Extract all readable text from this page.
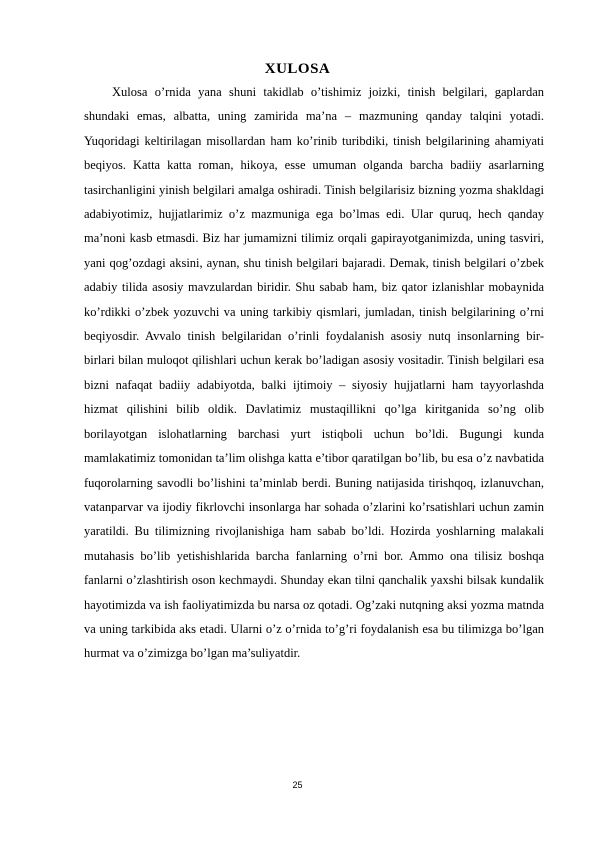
XULOSA

Xulosa o’rnida yana shuni takidlab o’tishimiz joizki, tinish belgilari, gaplardan shundaki emas, albatta, uning zamirida ma’na – mazmuning qanday talqini yotadi. Yuqoridagi keltirilagan misollardan ham ko’rinib turibdiki, tinish belgilarining ahamiyati beqiyos. Katta katta roman, hikoya, esse umuman olganda barcha badiiy asarlarning tasirchanligini yinish belgilari amalga oshiradi. Tinish belgilarisiz bizning yozma shakldagi adabiyotimiz, hujjatlarimiz o’z mazmuniga ega bo’lmas edi. Ular quruq, hech qanday ma’noni kasb etmasdi. Biz har jumamizni tilimiz orqali gapirayotganimizda, uning tasviri, yani qog’ozdagi aksini, aynan, shu tinish belgilari bajaradi. Demak, tinish belgilari o’zbek adabiy tilida asosiy mavzulardan biridir. Shu sabab ham, biz qator izlanishlar mobaynida ko’rdikki o’zbek yozuvchi va uning tarkibiy qismlari, jumladan, tinish belgilarining o’rni beqiyosdir. Avvalo tinish belgilaridan o’rinli foydalanish asosiy nutq insonlarning bir- birlari bilan muloqot qilishlari uchun kerak bo’ladigan asosiy vositadir. Tinish belgilari esa bizni nafaqat badiiy adabiyotda, balki ijtimoiy – siyosiy hujjatlarni ham tayyorlashda hizmat qilishini bilib oldik. Davlatimiz mustaqillikni qo’lga kiritganida so’ng olib borilayotgan islohatlarning barchasi yurt istiqboli uchun bo’ldi. Bugungi kunda mamlakatimiz tomonidan ta’lim olishga katta e’tibor qaratilgan bo’lib, bu esa o’z navbatida fuqorolarning savodli bo’lishini ta’minlab berdi. Buning natijasida tirishqoq, izlanuvchan, vatanparvar va ijodiy fikrlovchi insonlarga har sohada o’zlarini ko’rsatishlari uchun zamin yaratildi. Bu tilimizning rivojlanishiga ham sabab bo’ldi. Hozirda yoshlarning malakali mutahasis bo’lib yetishishlarida barcha fanlarning o’rni bor. Ammo ona tilisiz boshqa fanlarni o’zlashtirish oson kechmaydi. Shunday ekan tilni qanchalik yaxshi bilsak kundalik hayotimizda va ish faoliyatimizda bu narsa oz qotadi. Og’zaki nutqning aksi yozma matnda va uning tarkibida aks etadi. Ularni o’z o’rnida to’g’ri foydalanish esa bu tilimizga bo’lgan hurmat va o’zimizga bo’lgan ma’suliyatdir.

25
